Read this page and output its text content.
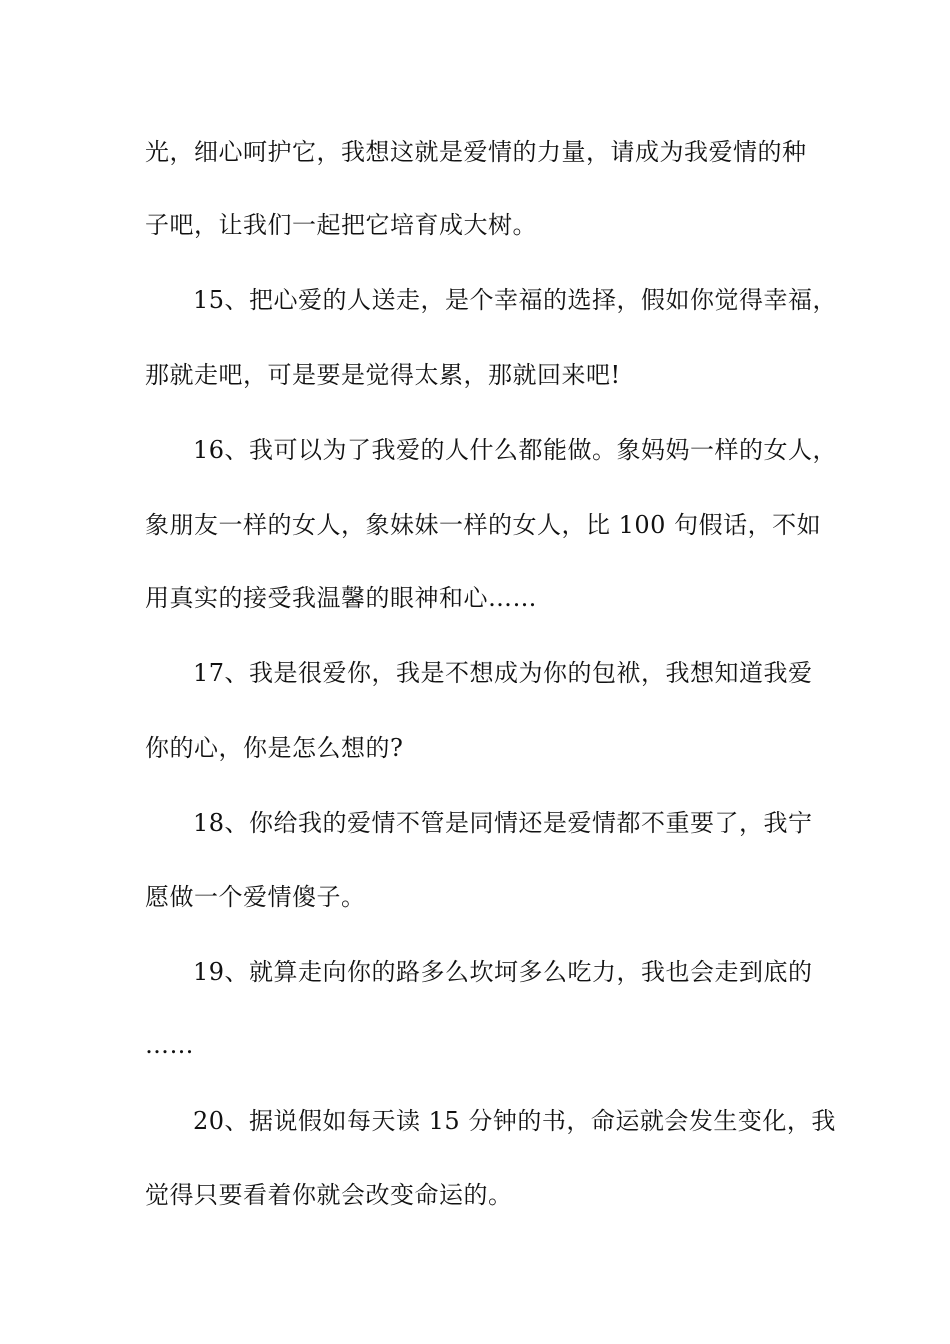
光，细心呵护它，我想这就是爱情的力量，请成为我爱情的种
子吧，让我们一起把它培育成大树。
15、把心爱的人送走，是个幸福的选择，假如你觉得幸福，
那就走吧，可是要是觉得太累，那就回来吧!
16、我可以为了我爱的人什么都能做。象妈妈一样的女人，
象朋友一样的女人，象妹妹一样的女人，比 100 句假话，不如
用真实的接受我温馨的眼神和心……
17、我是很爱你，我是不想成为你的包袱，我想知道我爱
你的心，你是怎么想的?
18、你给我的爱情不管是同情还是爱情都不重要了，我宁
愿做一个爱情傻子。
19、就算走向你的路多么坎坷多么吃力，我也会走到底的
……
20、据说假如每天读 15 分钟的书，命运就会发生变化，我
觉得只要看着你就会改变命运的。
